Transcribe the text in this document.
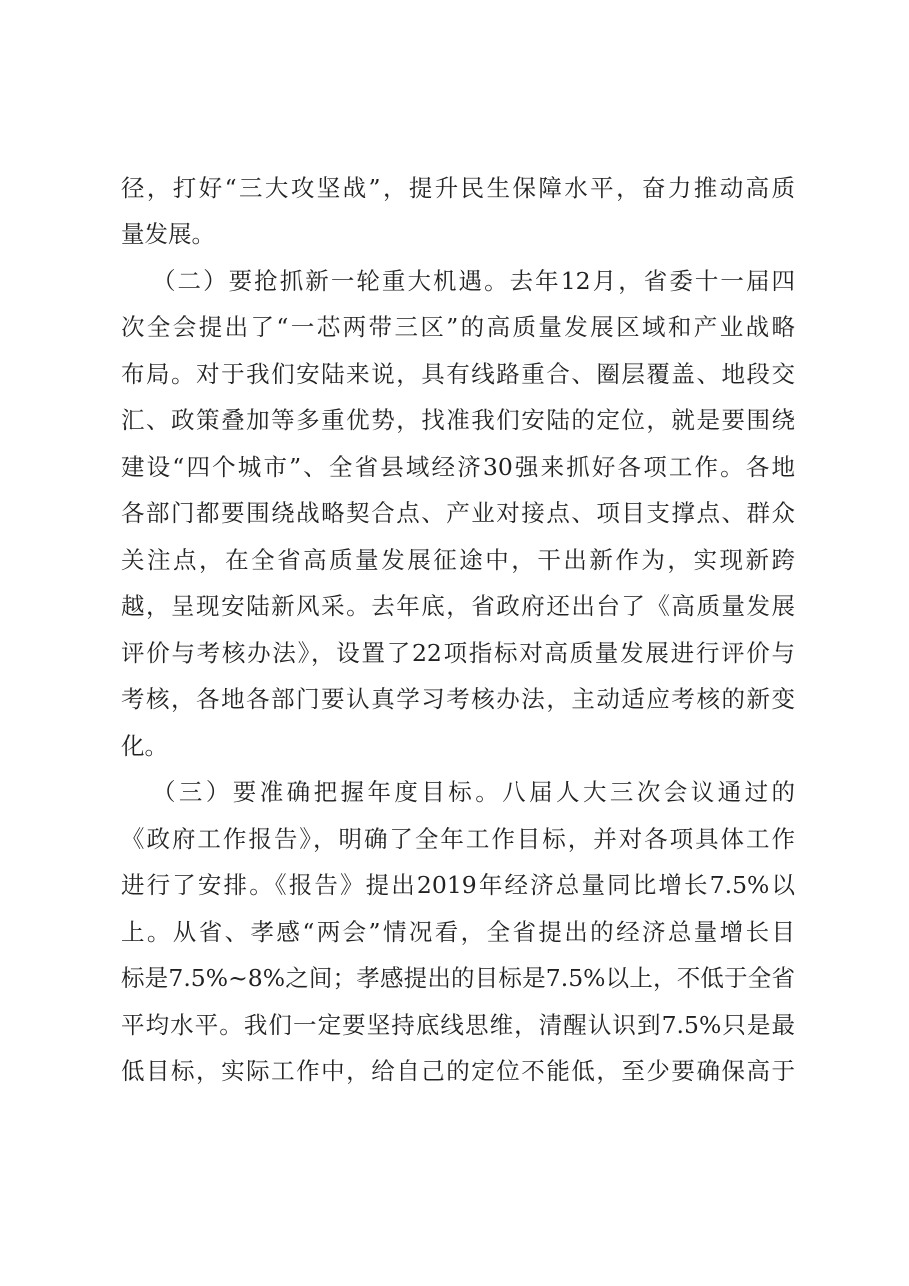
径，打好“三大攻坚战”，提升民生保障水平，奋力推动高质
量发展。
（二）要抢抓新一轮重大机遇。去年12月，省委十一届四
次全会提出了“一芯两带三区”的高质量发展区域和产业战略
布局。对于我们安陆来说，具有线路重合、圈层覆盖、地段交
汇、政策叠加等多重优势，找准我们安陆的定位，就是要围绕
建设“四个城市”、全省县域经济30强来抓好各项工作。各地
各部门都要围绕战略契合点、产业对接点、项目支撑点、群众
关注点，在全省高质量发展征途中，干出新作为，实现新跨
越，呈现安陆新风采。去年底，省政府还出台了《高质量发展
评价与考核办法》，设置了22项指标对高质量发展进行评价与
考核，各地各部门要认真学习考核办法，主动适应考核的新变
化。
（三）要准确把握年度目标。八届人大三次会议通过的
《政府工作报告》，明确了全年工作目标，并对各项具体工作
进行了安排。《报告》提出2019年经济总量同比增长7.5%以
上。从省、孝感“两会”情况看，全省提出的经济总量增长目
标是7.5%~8%之间；孝感提出的目标是7.5%以上，不低于全省
平均水平。我们一定要坚持底线思维，清醒认识到7.5%只是最
低目标，实际工作中，给自己的定位不能低，至少要确保高于
